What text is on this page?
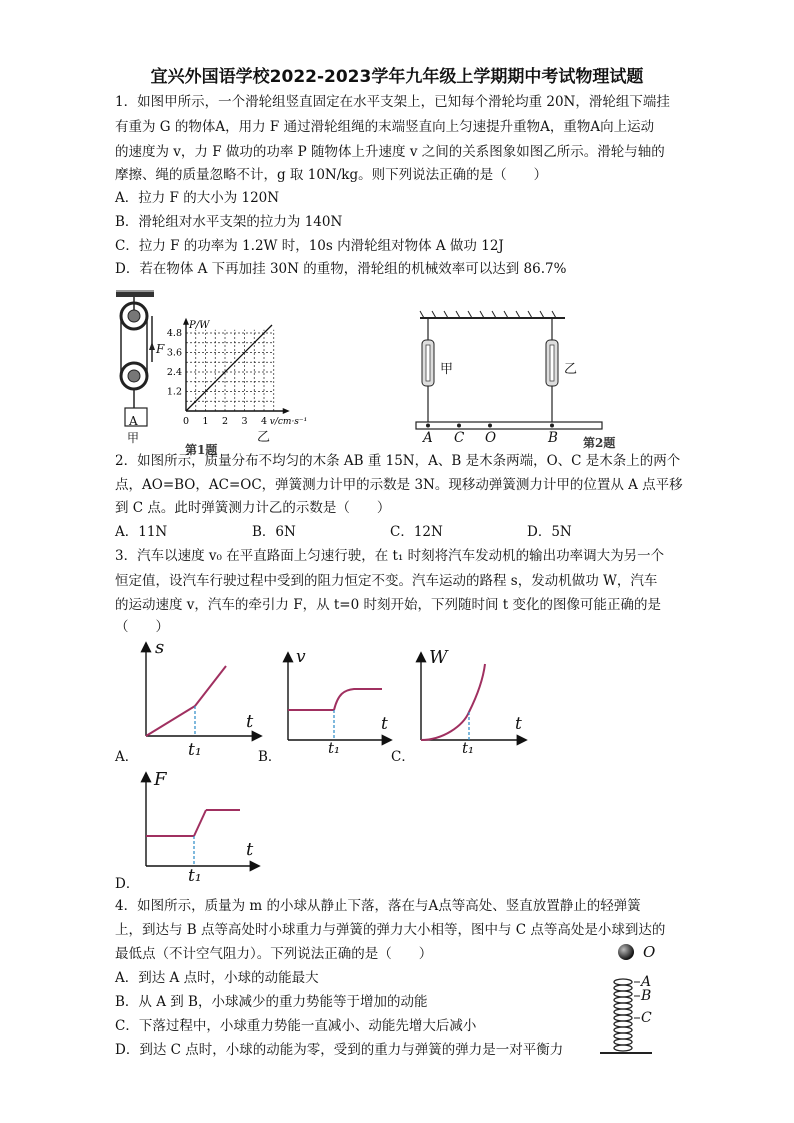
宜兴外国语学校2022-2023学年九年级上学期期中考试物理试题
1．如图甲所示，一个滑轮组竖直固定在水平支架上，已知每个滑轮均重 20N，滑轮组下端挂
有重为 G 的物体A，用力 F 通过滑轮组绳的末端竖直向上匀速提升重物A，重物A向上运动
的速度为 v，力 F 做功的功率 P 随物体上升速度 v 之间的关系图象如图乙所示。滑轮与轴的
摩擦、绳的质量忽略不计，g 取 10N/kg。则下列说法正确的是（　　）
A．拉力 F 的大小为 120N
B．滑轮组对水平支架的拉力为 140N
C．拉力 F 的功率为 1.2W 时，10s 内滑轮组对物体 A 做功 12J
D．若在物体 A 下再加挂 30N 的重物，滑轮组的机械效率可以达到 86.7%
A
F
甲
第1题
0 1 2 3 4
1.2
2.4
3.6
4.8
v/cm·s⁻¹
P/W
乙
甲	乙
A C O	B 第2题
2．如图所示，质量分布不均匀的木条 AB 重 15N，A、B 是木条两端，O、C 是木条上的两个
点，AO=BO，AC=OC，弹簧测力计甲的示数是 3N。现移动弹簧测力计甲的位置从 A 点平移
到 C 点。此时弹簧测力计乙的示数是（　　）
A．11N	B．6N	C．12N	D．5N
3．汽车以速度 v₀ 在平直路面上匀速行驶，在 t₁ 时刻将汽车发动机的输出功率调大为另一个
恒定值，设汽车行驶过程中受到的阻力恒定不变。汽车运动的路程 s，发动机做功 W，汽车
的运动速度 v，汽车的牵引力 F，从 t=0 时刻开始，下列随时间 t 变化的图像可能正确的是
（　　）
s
t
t₁
A．
v
t
t₁
B．
W
t
t₁
C．
F
t
t₁
D．
4．如图所示，质量为 m 的小球从静止下落，落在与A点等高处、竖直放置静止的轻弹簧
上，到达与 B 点等高处时小球重力与弹簧的弹力大小相等，图中与 C 点等高处是小球到达的
最低点（不计空气阻力）。下列说法正确的是（　　）
A．到达 A 点时，小球的动能最大
B．从 A 到 B，小球减少的重力势能等于增加的动能
C．下落过程中，小球重力势能一直减小、动能先增大后减小
D．到达 C 点时，小球的动能为零，受到的重力与弹簧的弹力是一对平衡力
O
A
B
C
